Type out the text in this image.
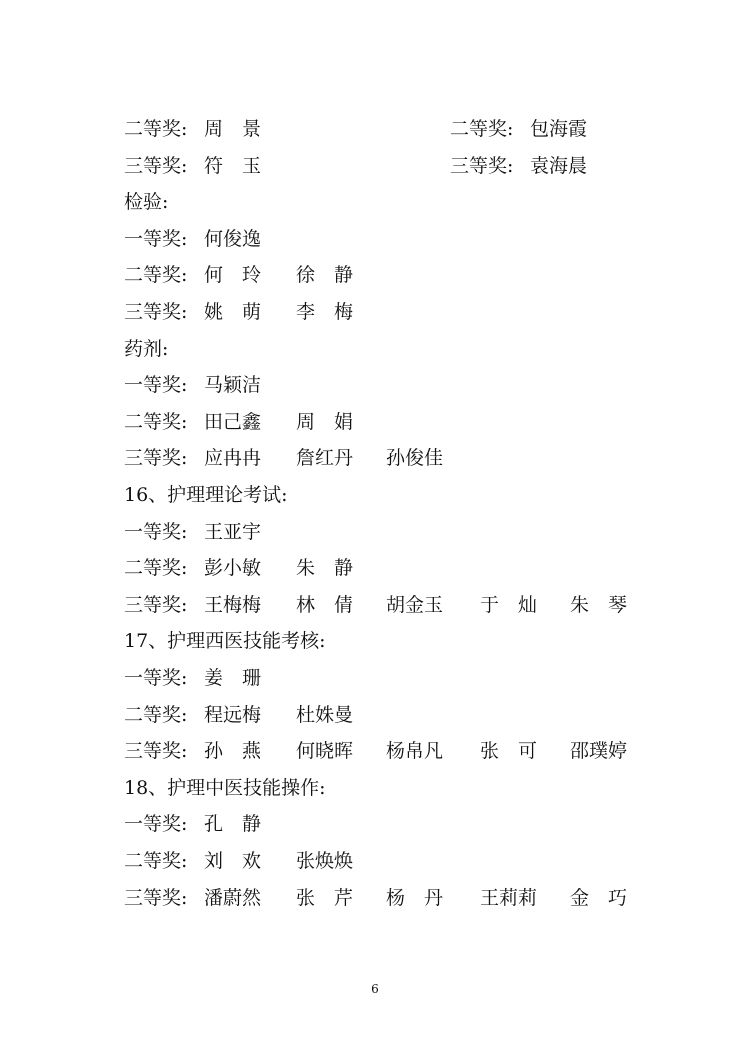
二等奖: 周 景	二等奖: 包海霞
三等奖: 符 玉	三等奖: 袁海晨
检验:
一等奖: 何俊逸
二等奖: 何 玲 徐 静
三等奖: 姚 萌 李 梅
药剂:
一等奖: 马颖洁
二等奖: 田己鑫 周 娟
三等奖: 应冉冉 詹红丹 孙俊佳
16、护理理论考试:
一等奖: 王亚宇
二等奖: 彭小敏 朱 静
三等奖: 王梅梅 林 倩 胡金玉 于 灿 朱 琴
17、护理西医技能考核:
一等奖: 姜 珊
二等奖: 程远梅 杜姝曼
三等奖: 孙 燕 何晓晖 杨帛凡 张 可 邵璞婷
18、护理中医技能操作:
一等奖: 孔 静
二等奖: 刘 欢 张焕焕
三等奖: 潘蔚然 张 芹 杨 丹 王莉莉 金 巧
6
